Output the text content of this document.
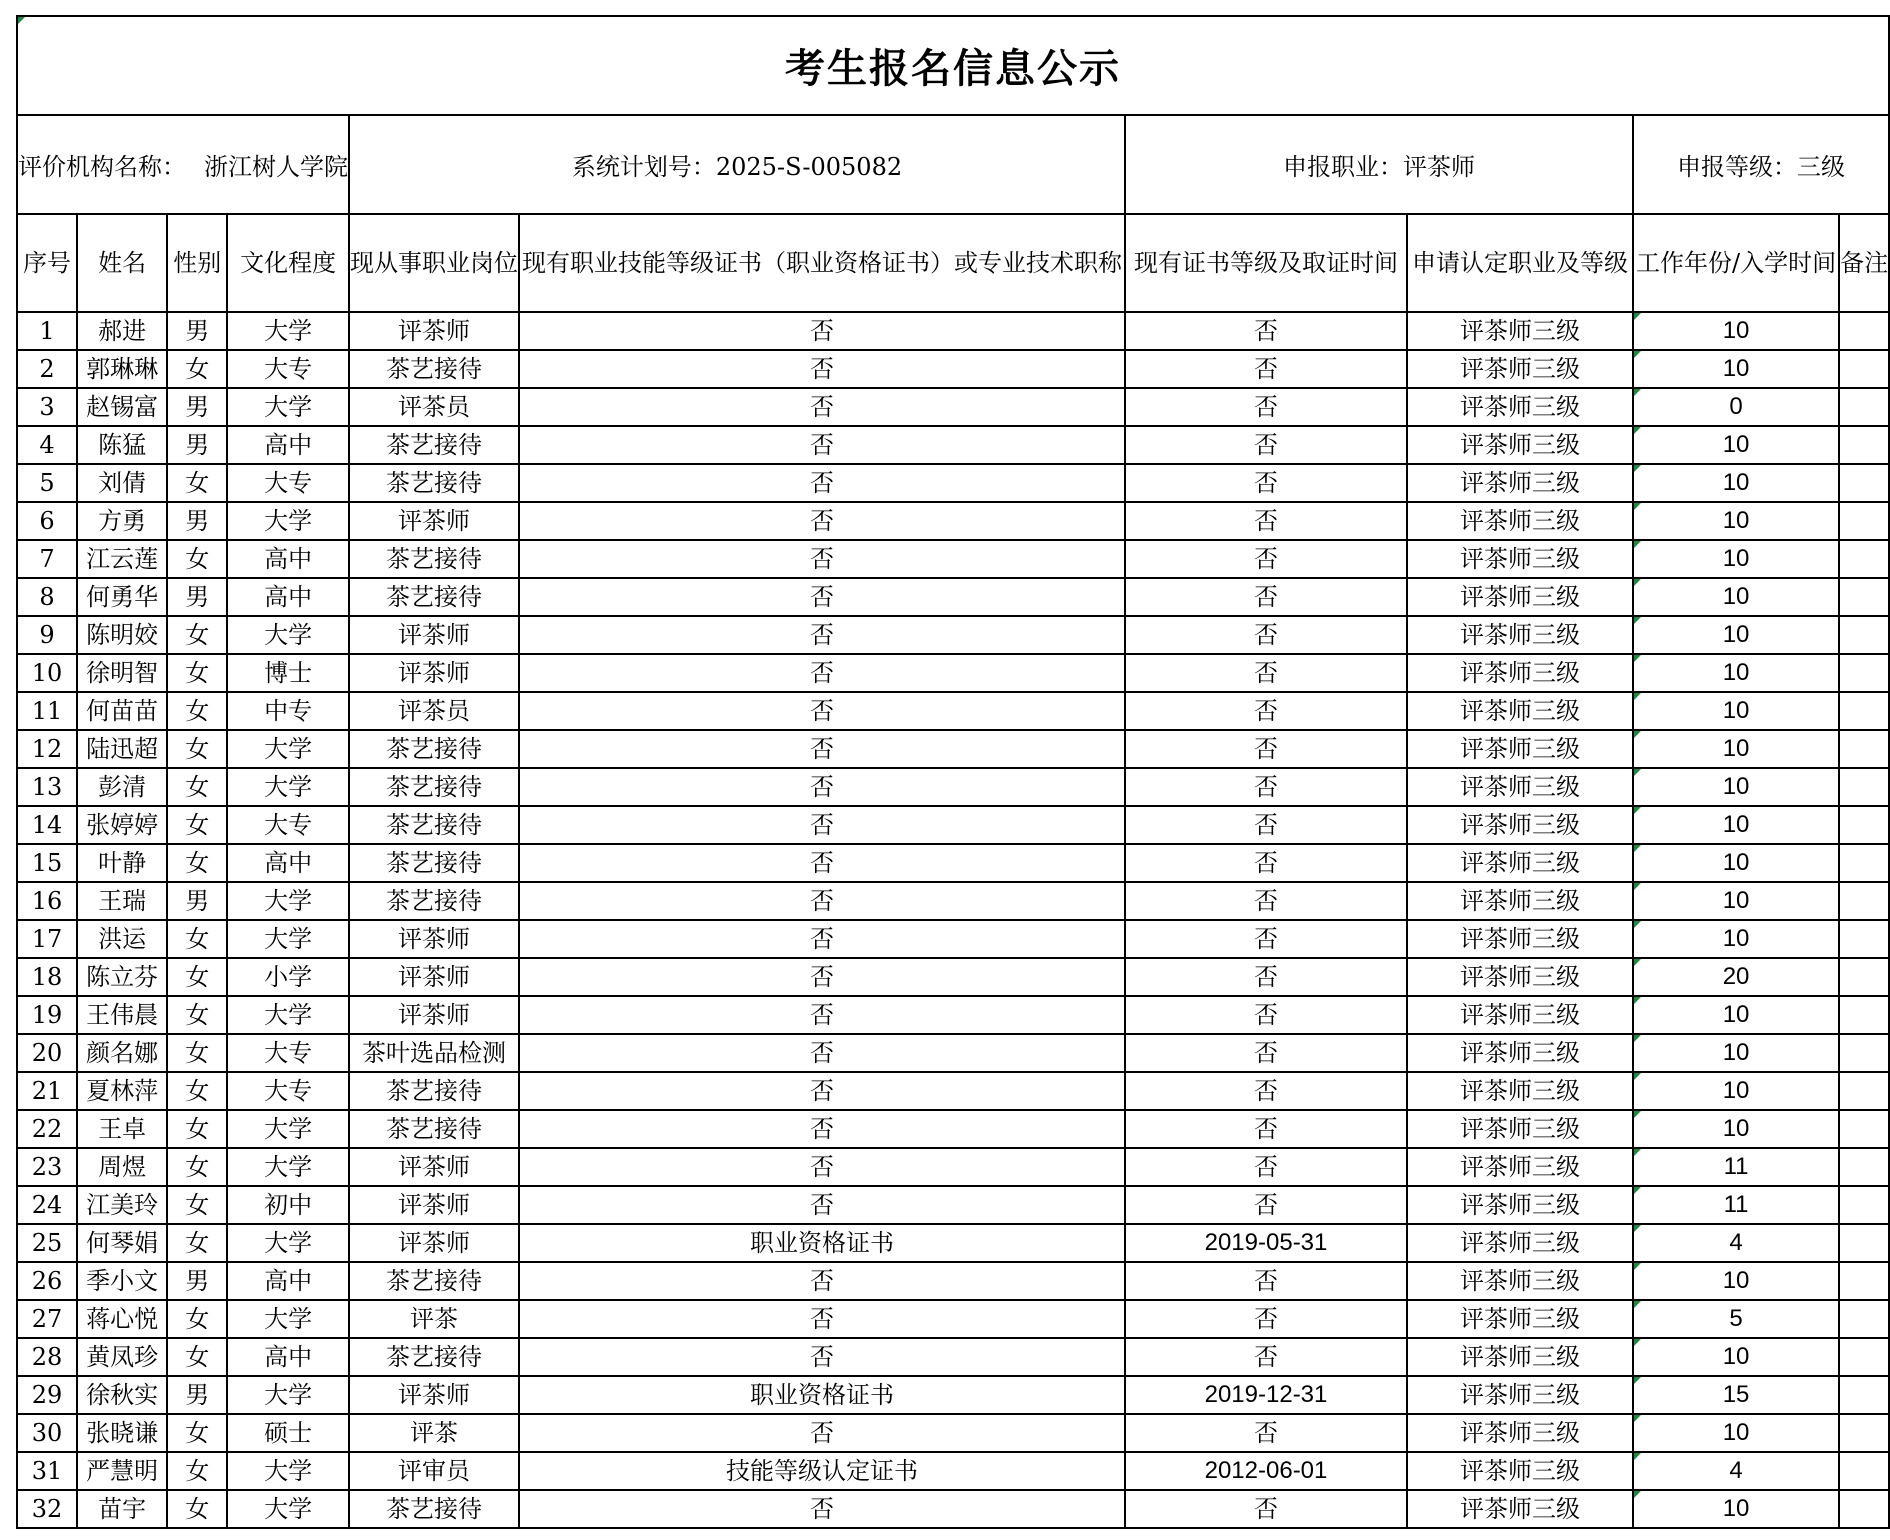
考生报名信息公示									
评价机构名称： 浙江树人学院				系统计划号：2025-S-005082		申报职业：评茶师		申报等级：三级	
序号	姓名	性别	文化程度	现从事职业岗位	现有职业技能等级证书（职业资格证书）或专业技术职称	现有证书等级及取证时间	申请认定职业及等级	工作年份/入学时间	备注
1	郝进	男	大学	评茶师	否	否	评茶师三级	10	
2	郭琳琳	女	大专	茶艺接待	否	否	评茶师三级	10	
3	赵锡富	男	大学	评茶员	否	否	评茶师三级	0	
4	陈猛	男	高中	茶艺接待	否	否	评茶师三级	10	
5	刘倩	女	大专	茶艺接待	否	否	评茶师三级	10	
6	方勇	男	大学	评茶师	否	否	评茶师三级	10	
7	江云莲	女	高中	茶艺接待	否	否	评茶师三级	10	
8	何勇华	男	高中	茶艺接待	否	否	评茶师三级	10	
9	陈明姣	女	大学	评茶师	否	否	评茶师三级	10	
10	徐明智	女	博士	评茶师	否	否	评茶师三级	10	
11	何苗苗	女	中专	评茶员	否	否	评茶师三级	10	
12	陆迅超	女	大学	茶艺接待	否	否	评茶师三级	10	
13	彭清	女	大学	茶艺接待	否	否	评茶师三级	10	
14	张婷婷	女	大专	茶艺接待	否	否	评茶师三级	10	
15	叶静	女	高中	茶艺接待	否	否	评茶师三级	10	
16	王瑞	男	大学	茶艺接待	否	否	评茶师三级	10	
17	洪运	女	大学	评茶师	否	否	评茶师三级	10	
18	陈立芬	女	小学	评茶师	否	否	评茶师三级	20	
19	王伟晨	女	大学	评茶师	否	否	评茶师三级	10	
20	颜名娜	女	大专	茶叶选品检测	否	否	评茶师三级	10	
21	夏林萍	女	大专	茶艺接待	否	否	评茶师三级	10	
22	王卓	女	大学	茶艺接待	否	否	评茶师三级	10	
23	周煜	女	大学	评茶师	否	否	评茶师三级	11	
24	江美玲	女	初中	评茶师	否	否	评茶师三级	11	
25	何琴娟	女	大学	评茶师	职业资格证书	2019-05-31	评茶师三级	4	
26	季小文	男	高中	茶艺接待	否	否	评茶师三级	10	
27	蒋心悦	女	大学	评茶	否	否	评茶师三级	5	
28	黄凤珍	女	高中	茶艺接待	否	否	评茶师三级	10	
29	徐秋实	男	大学	评茶师	职业资格证书	2019-12-31	评茶师三级	15	
30	张晓谦	女	硕士	评茶	否	否	评茶师三级	10	
31	严慧明	女	大学	评审员	技能等级认定证书	2012-06-01	评茶师三级	4	
32	苗宇	女	大学	茶艺接待	否	否	评茶师三级	10	
